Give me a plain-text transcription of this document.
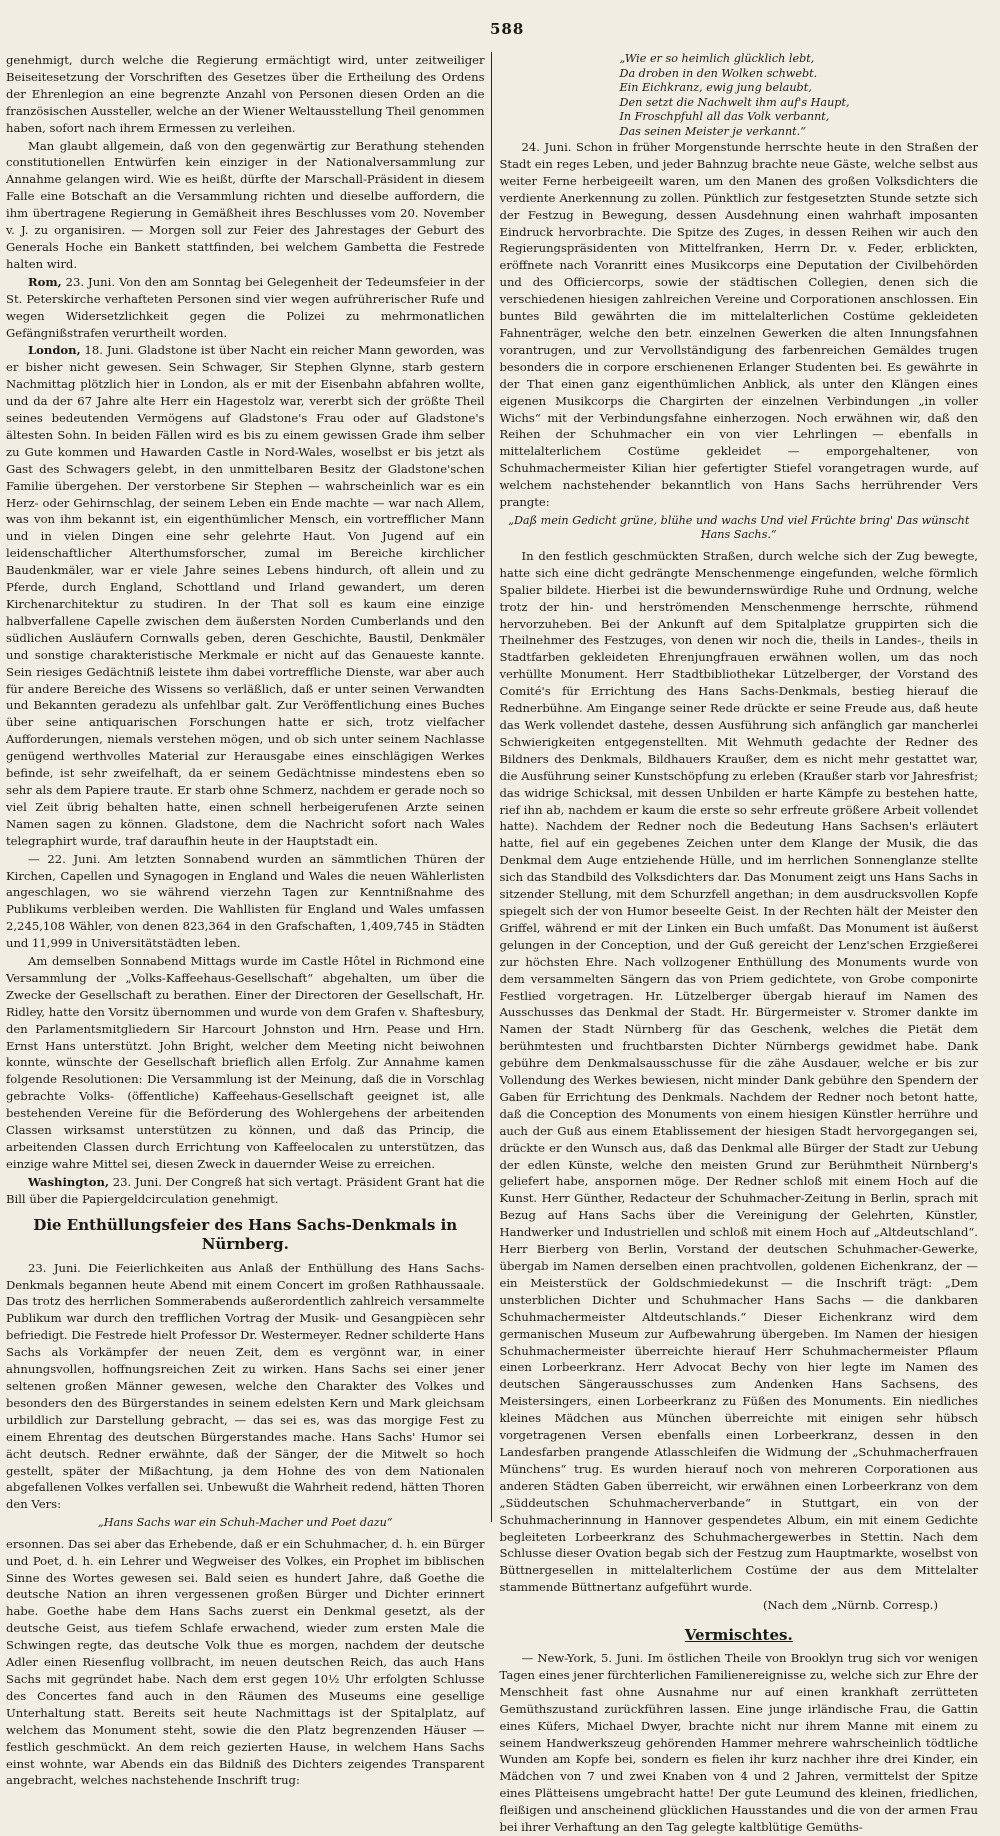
588

genehmigt, durch welche die Regierung ermächtigt wird, unter zeitweiliger Beiseitesetzung der Vorschriften des Gesetzes über die Ertheilung des Ordens der Ehrenlegion an eine begrenzte Anzahl von Personen diesen Orden an die französischen Aussteller, welche an der Wiener Weltausstellung Theil genommen haben, sofort nach ihrem Ermessen zu verleihen.

Man glaubt allgemein, daß von den gegenwärtig zur Berathung stehenden constitutionellen Entwürfen kein einziger in der Nationalversammlung zur Annahme gelangen wird. Wie es heißt, dürfte der Marschall-Präsident in diesem Falle eine Botschaft an die Versammlung richten und dieselbe auffordern, die ihm übertragene Regierung in Gemäßheit ihres Beschlusses vom 20. November v. J. zu organisiren. — Morgen soll zur Feier des Jahrestages der Geburt des Generals Hoche ein Bankett stattfinden, bei welchem Gambetta die Festrede halten wird.

Rom, 23. Juni. Von den am Sonntag bei Gelegenheit der Tedeumsfeier in der St. Peterskirche verhafteten Personen sind vier wegen aufrührerischer Rufe und wegen Widersetzlichkeit gegen die Polizei zu mehrmonatlichen Gefängnißstrafen verurtheilt worden.

London, 18. Juni. Gladstone ist über Nacht ein reicher Mann geworden, was er bisher nicht gewesen. Sein Schwager, Sir Stephen Glynne, starb gestern Nachmittag plötzlich hier in London, als er mit der Eisenbahn abfahren wollte, und da der 67 Jahre alte Herr ein Hagestolz war, vererbt sich der größte Theil seines bedeutenden Vermögens auf Gladstone's Frau oder auf Gladstone's ältesten Sohn. In beiden Fällen wird es bis zu einem gewissen Grade ihm selber zu Gute kommen und Hawarden Castle in Nord-Wales, woselbst er bis jetzt als Gast des Schwagers gelebt, in den unmittelbaren Besitz der Gladstone'schen Familie übergehen. Der verstorbene Sir Stephen — wahrscheinlich war es ein Herz- oder Gehirnschlag, der seinem Leben ein Ende machte — war nach Allem, was von ihm bekannt ist, ein eigenthümlicher Mensch, ein vortrefflicher Mann und in vielen Dingen eine sehr gelehrte Haut. Von Jugend auf ein leidenschaftlicher Alterthumsforscher, zumal im Bereiche kirchlicher Baudenkmäler, war er viele Jahre seines Lebens hindurch, oft allein und zu Pferde, durch England, Schottland und Irland gewandert, um deren Kirchenarchitektur zu studiren. In der That soll es kaum eine einzige halbverfallene Capelle zwischen dem äußersten Norden Cumberlands und den südlichen Ausläufern Cornwalls geben, deren Geschichte, Baustil, Denkmäler und sonstige charakteristische Merkmale er nicht auf das Genaueste kannte. Sein riesiges Gedächtniß leistete ihm dabei vortreffliche Dienste, war aber auch für andere Bereiche des Wissens so verläßlich, daß er unter seinen Verwandten und Bekannten geradezu als unfehlbar galt. Zur Veröffentlichung eines Buches über seine antiquarischen Forschungen hatte er sich, trotz vielfacher Aufforderungen, niemals verstehen mögen, und ob sich unter seinem Nachlasse genügend werthvolles Material zur Herausgabe eines einschlägigen Werkes befinde, ist sehr zweifelhaft, da er seinem Gedächtnisse mindestens eben so sehr als dem Papiere traute. Er starb ohne Schmerz, nachdem er gerade noch so viel Zeit übrig behalten hatte, einen schnell herbeigerufenen Arzte seinen Namen sagen zu können. Gladstone, dem die Nachricht sofort nach Wales telegraphirt wurde, traf daraufhin heute in der Hauptstadt ein.

— 22. Juni. Am letzten Sonnabend wurden an sämmtlichen Thüren der Kirchen, Capellen und Synagogen in England und Wales die neuen Wählerlisten angeschlagen, wo sie während vierzehn Tagen zur Kenntnißnahme des Publikums verbleiben werden. Die Wahllisten für England und Wales umfassen 2,245,108 Wähler, von denen 823,364 in den Grafschaften, 1,409,745 in Städten und 11,999 in Universitätstädten leben.

Am demselben Sonnabend Mittags wurde im Castle Hôtel in Richmond eine Versammlung der „Volks-Kaffeehaus-Gesellschaft“ abgehalten, um über die Zwecke der Gesellschaft zu berathen. Einer der Directoren der Gesellschaft, Hr. Ridley, hatte den Vorsitz übernommen und wurde von dem Grafen v. Shaftesbury, den Parlamentsmitgliedern Sir Harcourt Johnston und Hrn. Pease und Hrn. Ernst Hans unterstützt. John Bright, welcher dem Meeting nicht beiwohnen konnte, wünschte der Gesellschaft brieflich allen Erfolg. Zur Annahme kamen folgende Resolutionen: Die Versammlung ist der Meinung, daß die in Vorschlag gebrachte Volks- (öffentliche) Kaffeehaus-Gesellschaft geeignet ist, alle bestehenden Vereine für die Beförderung des Wohlergehens der arbeitenden Classen wirksamst unterstützen zu können, und daß das Princip, die arbeitenden Classen durch Errichtung von Kaffeelocalen zu unterstützen, das einzige wahre Mittel sei, diesen Zweck in dauernder Weise zu erreichen.

Washington, 23. Juni. Der Congreß hat sich vertagt. Präsident Grant hat die Bill über die Papiergeldcirculation genehmigt.

Die Enthüllungsfeier des Hans Sachs-Denkmals in Nürnberg.

23. Juni. Die Feierlichkeiten aus Anlaß der Enthüllung des Hans Sachs-Denkmals begannen heute Abend mit einem Concert im großen Rathhaussaale. Das trotz des herrlichen Sommerabends außerordentlich zahlreich versammelte Publikum war durch den trefflichen Vortrag der Musik- und Gesangpiècen sehr befriedigt. Die Festrede hielt Professor Dr. Westermeyer. Redner schilderte Hans Sachs als Vorkämpfer der neuen Zeit, dem es vergönnt war, in einer ahnungsvollen, hoffnungsreichen Zeit zu wirken. Hans Sachs sei einer jener seltenen großen Männer gewesen, welche den Charakter des Volkes und besonders den des Bürgerstandes in seinem edelsten Kern und Mark gleichsam urbildlich zur Darstellung gebracht, — das sei es, was das morgige Fest zu einem Ehrentag des deutschen Bürgerstandes mache. Hans Sachs' Humor sei ächt deutsch. Redner erwähnte, daß der Sänger, der die Mitwelt so hoch gestellt, später der Mißachtung, ja dem Hohne des von dem Nationalen abgefallenen Volkes verfallen sei. Unbewußt die Wahrheit redend, hätten Thoren den Vers:

„Hans Sachs war ein Schuh-Macher und Poet dazu“

ersonnen. Das sei aber das Erhebende, daß er ein Schuhmacher, d. h. ein Bürger und Poet, d. h. ein Lehrer und Wegweiser des Volkes, ein Prophet im biblischen Sinne des Wortes gewesen sei. Bald seien es hundert Jahre, daß Goethe die deutsche Nation an ihren vergessenen großen Bürger und Dichter erinnert habe. Goethe habe dem Hans Sachs zuerst ein Denkmal gesetzt, als der deutsche Geist, aus tiefem Schlafe erwachend, wieder zum ersten Male die Schwingen regte, das deutsche Volk thue es morgen, nachdem der deutsche Adler einen Riesenflug vollbracht, im neuen deutschen Reich, das auch Hans Sachs mit gegründet habe. Nach dem erst gegen 10½ Uhr erfolgten Schlusse des Concertes fand auch in den Räumen des Museums eine gesellige Unterhaltung statt. Bereits seit heute Nachmittags ist der Spitalplatz, auf welchem das Monument steht, sowie die den Platz begrenzenden Häuser — festlich geschmückt. An dem reich gezierten Hause, in welchem Hans Sachs einst wohnte, war Abends ein das Bildniß des Dichters zeigendes Transparent angebracht, welches nachstehende Inschrift trug:

„Wie er so heimlich glücklich lebt,

Da droben in den Wolken schwebt.

Ein Eichkranz, ewig jung belaubt,

Den setzt die Nachwelt ihm auf's Haupt,

In Froschpfuhl all das Volk verbannt,

Das seinen Meister je verkannt.“

24. Juni. Schon in früher Morgenstunde herrschte heute in den Straßen der Stadt ein reges Leben, und jeder Bahnzug brachte neue Gäste, welche selbst aus weiter Ferne herbeigeeilt waren, um den Manen des großen Volksdichters die verdiente Anerkennung zu zollen. Pünktlich zur festgesetzten Stunde setzte sich der Festzug in Bewegung, dessen Ausdehnung einen wahrhaft imposanten Eindruck hervorbrachte. Die Spitze des Zuges, in dessen Reihen wir auch den Regierungspräsidenten von Mittelfranken, Herrn Dr. v. Feder, erblickten, eröffnete nach Voranritt eines Musikcorps eine Deputation der Civilbehörden und des Officiercorps, sowie der städtischen Collegien, denen sich die verschiedenen hiesigen zahlreichen Vereine und Corporationen anschlossen. Ein buntes Bild gewährten die im mittelalterlichen Costüme gekleideten Fahnenträger, welche den betr. einzelnen Gewerken die alten Innungsfahnen vorantrugen, und zur Vervollständigung des farbenreichen Gemäldes trugen besonders die in corpore erschienenen Erlanger Studenten bei. Es gewährte in der That einen ganz eigenthümlichen Anblick, als unter den Klängen eines eigenen Musikcorps die Chargirten der einzelnen Verbindungen „in voller Wichs“ mit der Verbindungsfahne einherzogen. Noch erwähnen wir, daß den Reihen der Schuhmacher ein von vier Lehrlingen — ebenfalls in mittelalterlichem Costüme gekleidet — emporgehaltener, von Schuhmachermeister Kilian hier gefertigter Stiefel vorangetragen wurde, auf welchem nachstehender bekanntlich von Hans Sachs herrührender Vers prangte:

„Daß mein Gedicht grüne, blühe und wachs Und viel Früchte bring' Das wünscht Hans Sachs.“

In den festlich geschmückten Straßen, durch welche sich der Zug bewegte, hatte sich eine dicht gedrängte Menschenmenge eingefunden, welche förmlich Spalier bildete. Hierbei ist die bewundernswürdige Ruhe und Ordnung, welche trotz der hin- und herströmenden Menschenmenge herrschte, rühmend hervorzuheben. Bei der Ankunft auf dem Spitalplatze gruppirten sich die Theilnehmer des Festzuges, von denen wir noch die, theils in Landes-, theils in Stadtfarben gekleideten Ehrenjungfrauen erwähnen wollen, um das noch verhüllte Monument. Herr Stadtbibliothekar Lützelberger, der Vorstand des Comité's für Errichtung des Hans Sachs-Denkmals, bestieg hierauf die Rednerbühne. Am Eingange seiner Rede drückte er seine Freude aus, daß heute das Werk vollendet dastehe, dessen Ausführung sich anfänglich gar mancherlei Schwierigkeiten entgegenstellten. Mit Wehmuth gedachte der Redner des Bildners des Denkmals, Bildhauers Kraußer, dem es nicht mehr gestattet war, die Ausführung seiner Kunstschöpfung zu erleben (Kraußer starb vor Jahresfrist; das widrige Schicksal, mit dessen Unbilden er harte Kämpfe zu bestehen hatte, rief ihn ab, nachdem er kaum die erste so sehr erfreute größere Arbeit vollendet hatte). Nachdem der Redner noch die Bedeutung Hans Sachsen's erläutert hatte, fiel auf ein gegebenes Zeichen unter dem Klange der Musik, die das Denkmal dem Auge entziehende Hülle, und im herrlichen Sonnenglanze stellte sich das Standbild des Volksdichters dar. Das Monument zeigt uns Hans Sachs in sitzender Stellung, mit dem Schurzfell angethan; in dem ausdrucksvollen Kopfe spiegelt sich der von Humor beseelte Geist. In der Rechten hält der Meister den Griffel, während er mit der Linken ein Buch umfaßt. Das Monument ist äußerst gelungen in der Conception, und der Guß gereicht der Lenz'schen Erzgießerei zur höchsten Ehre. Nach vollzogener Enthüllung des Monuments wurde von dem versammelten Sängern das von Priem gedichtete, von Grobe componirte Festlied vorgetragen. Hr. Lützelberger übergab hierauf im Namen des Ausschusses das Denkmal der Stadt. Hr. Bürgermeister v. Stromer dankte im Namen der Stadt Nürnberg für das Geschenk, welches die Pietät dem berühmtesten und fruchtbarsten Dichter Nürnbergs gewidmet habe. Dank gebühre dem Denkmalsausschusse für die zähe Ausdauer, welche er bis zur Vollendung des Werkes bewiesen, nicht minder Dank gebühre den Spendern der Gaben für Errichtung des Denkmals. Nachdem der Redner noch betont hatte, daß die Conception des Monuments von einem hiesigen Künstler herrühre und auch der Guß aus einem Etablissement der hiesigen Stadt hervorgegangen sei, drückte er den Wunsch aus, daß das Denkmal alle Bürger der Stadt zur Uebung der edlen Künste, welche den meisten Grund zur Berühmtheit Nürnberg's geliefert habe, anspornen möge. Der Redner schloß mit einem Hoch auf die Kunst. Herr Günther, Redacteur der Schuhmacher-Zeitung in Berlin, sprach mit Bezug auf Hans Sachs über die Vereinigung der Gelehrten, Künstler, Handwerker und Industriellen und schloß mit einem Hoch auf „Altdeutschland“. Herr Bierberg von Berlin, Vorstand der deutschen Schuhmacher-Gewerke, übergab im Namen derselben einen prachtvollen, goldenen Eichenkranz, der — ein Meisterstück der Goldschmiedekunst — die Inschrift trägt: „Dem unsterblichen Dichter und Schuhmacher Hans Sachs — die dankbaren Schuhmachermeister Altdeutschlands.“ Dieser Eichenkranz wird dem germanischen Museum zur Aufbewahrung übergeben. Im Namen der hiesigen Schuhmachermeister überreichte hierauf Herr Schuhmachermeister Pflaum einen Lorbeerkranz. Herr Advocat Bechy von hier legte im Namen des deutschen Sängerausschusses zum Andenken Hans Sachsens, des Meistersingers, einen Lorbeerkranz zu Füßen des Monuments. Ein niedliches kleines Mädchen aus München überreichte mit einigen sehr hübsch vorgetragenen Versen ebenfalls einen Lorbeerkranz, dessen in den Landesfarben prangende Atlasschleifen die Widmung der „Schuhmacherfrauen Münchens“ trug. Es wurden hierauf noch von mehreren Corporationen aus anderen Städten Gaben überreicht, wir erwähnen einen Lorbeerkranz von dem „Süddeutschen Schuhmacherverbande“ in Stuttgart, ein von der Schuhmacherinnung in Hannover gespendetes Album, ein mit einem Gedichte begleiteten Lorbeerkranz des Schuhmachergewerbes in Stettin. Nach dem Schlusse dieser Ovation begab sich der Festzug zum Hauptmarkte, woselbst von Büttnergesellen in mittelalterlichem Costüme der aus dem Mittelalter stammende Büttnertanz aufgeführt wurde.

(Nach dem „Nürnb. Corresp.)

Vermischtes.

— New-York, 5. Juni. Im östlichen Theile von Brooklyn trug sich vor wenigen Tagen eines jener fürchterlichen Familienereignisse zu, welche sich zur Ehre der Menschheit fast ohne Ausnahme nur auf einen krankhaft zerrütteten Gemüthszustand zurückführen lassen. Eine junge irländische Frau, die Gattin eines Küfers, Michael Dwyer, brachte nicht nur ihrem Manne mit einem zu seinem Handwerkszeug gehörenden Hammer mehrere wahrscheinlich tödtliche Wunden am Kopfe bei, sondern es fielen ihr kurz nachher ihre drei Kinder, ein Mädchen von 7 und zwei Knaben von 4 und 2 Jahren, vermittelst der Spitze eines Plätteisens umgebracht hatte! Der gute Leumund des kleinen, friedlichen, fleißigen und anscheinend glücklichen Hausstandes und die von der armen Frau bei ihrer Verhaftung an den Tag gelegte kaltblütige Gemüths-
